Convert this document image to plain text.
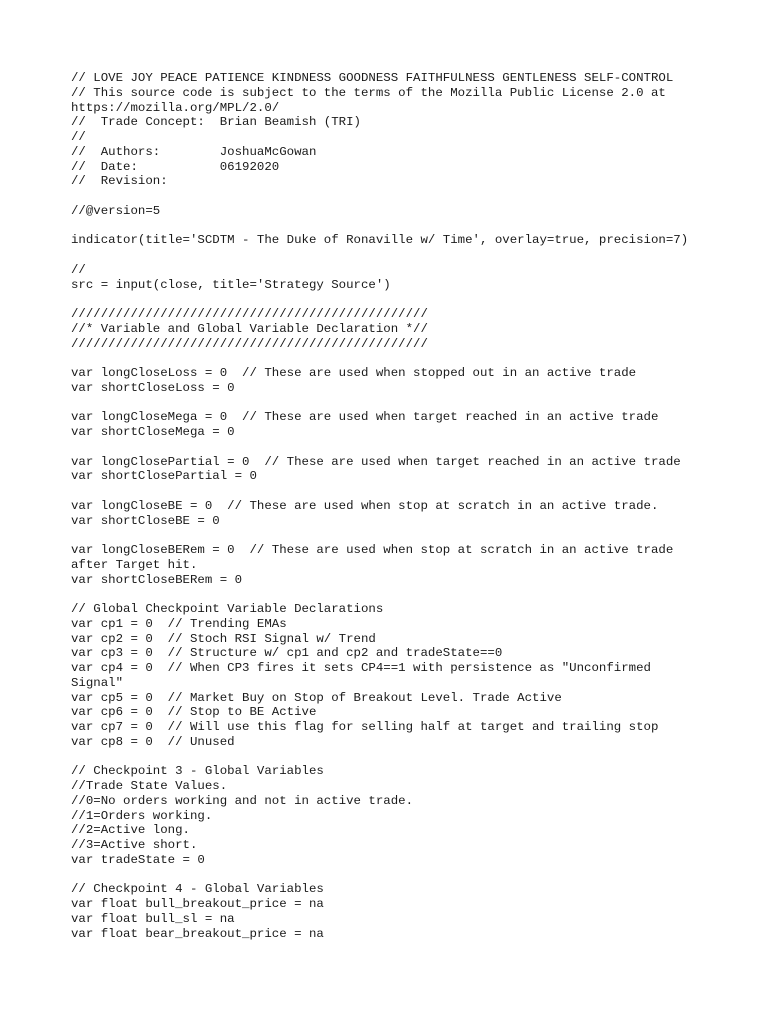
// LOVE JOY PEACE PATIENCE KINDNESS GOODNESS FAITHFULNESS GENTLENESS SELF-CONTROL
// This source code is subject to the terms of the Mozilla Public License 2.0 at
https://mozilla.org/MPL/2.0/
//  Trade Concept:  Brian Beamish (TRI)
//
//  Authors:        JoshuaMcGowan
//  Date:           06192020
//  Revision:
//@version=5
indicator(title='SCDTM - The Duke of Ronaville w/ Time', overlay=true, precision=7)
//
src = input(close, title='Strategy Source')
////////////////////////////////////////////////
//* Variable and Global Variable Declaration *//
////////////////////////////////////////////////
var longCloseLoss = 0  // These are used when stopped out in an active trade
var shortCloseLoss = 0
var longCloseMega = 0  // These are used when target reached in an active trade
var shortCloseMega = 0
var longClosePartial = 0  // These are used when target reached in an active trade
var shortClosePartial = 0
var longCloseBE = 0  // These are used when stop at scratch in an active trade.
var shortCloseBE = 0
var longCloseBERem = 0  // These are used when stop at scratch in an active trade
after Target hit.
var shortCloseBERem = 0
// Global Checkpoint Variable Declarations
var cp1 = 0  // Trending EMAs
var cp2 = 0  // Stoch RSI Signal w/ Trend
var cp3 = 0  // Structure w/ cp1 and cp2 and tradeState==0
var cp4 = 0  // When CP3 fires it sets CP4==1 with persistence as "Unconfirmed
Signal"
var cp5 = 0  // Market Buy on Stop of Breakout Level. Trade Active
var cp6 = 0  // Stop to BE Active
var cp7 = 0  // Will use this flag for selling half at target and trailing stop
var cp8 = 0  // Unused
// Checkpoint 3 - Global Variables
//Trade State Values.
//0=No orders working and not in active trade.
//1=Orders working.
//2=Active long.
//3=Active short.
var tradeState = 0
// Checkpoint 4 - Global Variables
var float bull_breakout_price = na
var float bull_sl = na
var float bear_breakout_price = na
